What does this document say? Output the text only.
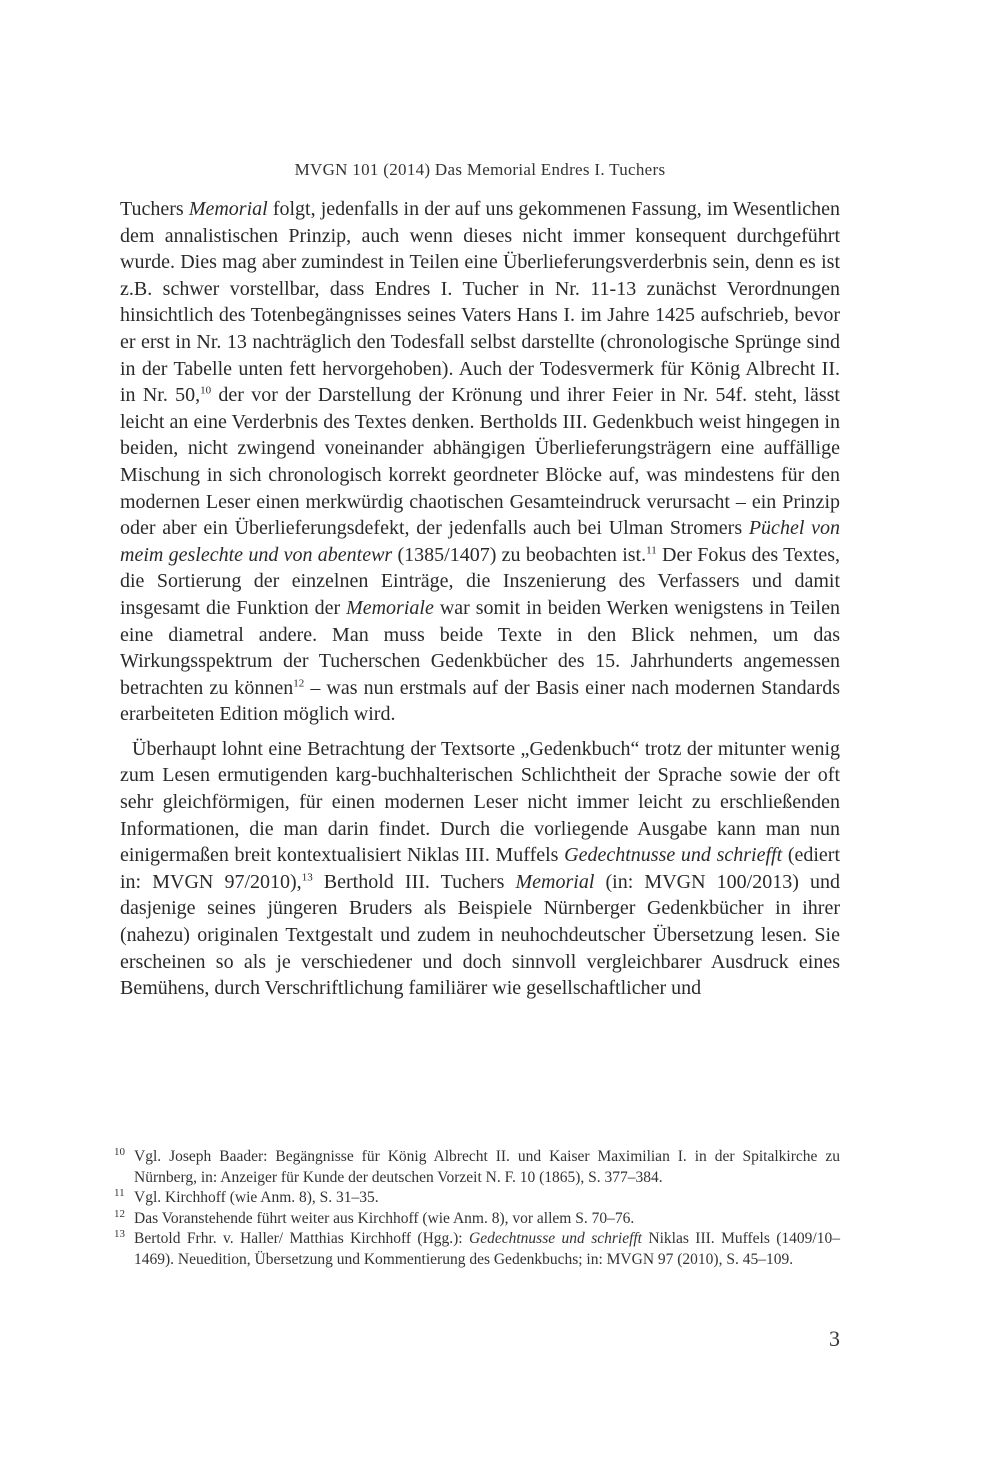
MVGN 101 (2014) Das Memorial Endres I. Tuchers

Tuchers Memorial folgt, jedenfalls in der auf uns gekommenen Fassung, im Wesentlichen dem annalistischen Prinzip, auch wenn dieses nicht immer konsequent durchgeführt wurde. Dies mag aber zumindest in Teilen eine Überlieferungsverderbnis sein, denn es ist z.B. schwer vorstellbar, dass Endres I. Tucher in Nr. 11-13 zunächst Verordnungen hinsichtlich des Totenbegängnisses seines Vaters Hans I. im Jahre 1425 aufschrieb, bevor er erst in Nr. 13 nachträglich den Todesfall selbst darstellte (chronologische Sprünge sind in der Tabelle unten fett hervorgehoben). Auch der Todesvermerk für König Albrecht II. in Nr. 50,10 der vor der Darstellung der Krönung und ihrer Feier in Nr. 54f. steht, lässt leicht an eine Verderbnis des Textes denken. Bertholds III. Gedenkbuch weist hingegen in beiden, nicht zwingend voneinander abhängigen Überlieferungsträgern eine auffällige Mischung in sich chronologisch korrekt geordneter Blöcke auf, was mindestens für den modernen Leser einen merkwürdig chaotischen Gesamteindruck verursacht – ein Prinzip oder aber ein Überlieferungsdefekt, der jedenfalls auch bei Ulman Stromers Püchel von meim geslechte und von abentewr (1385/1407) zu beobachten ist.$^{11}$ Der Fokus des Textes, die Sortierung der einzelnen Einträge, die Inszenierung des Verfassers und damit insgesamt die Funktion der Memoriale war somit in beiden Werken wenigstens in Teilen eine diametral andere. Man muss beide Texte in den Blick nehmen, um das Wirkungsspektrum der Tucherschen Gedenkbücher des 15. Jahrhunderts angemessen betrachten zu können$^{12}$ – was nun erstmals auf der Basis einer nach modernen Standards erarbeiteten Edition möglich wird.

Überhaupt lohnt eine Betrachtung der Textsorte „Gedenkbuch“ trotz der mitunter wenig zum Lesen ermutigenden karg-buchhalterischen Schlichtheit der Sprache sowie der oft sehr gleichförmigen, für einen modernen Leser nicht immer leicht zu erschließenden Informationen, die man darin findet. Durch die vorliegende Ausgabe kann man nun einigermaßen breit kontextualisiert Niklas III. Muffels Gedechtnusse und schriefft (ediert in: MVGN 97/2010),$^{13}$ Berthold III. Tuchers Memorial (in: MVGN 100/2013) und dasjenige seines jüngeren Bruders als Beispiele Nürnberger Gedenkbücher in ihrer (nahezu) originalen Textgestalt und zudem in neuhochdeutscher Übersetzung lesen. Sie erscheinen so als je verschiedener und doch sinnvoll vergleichbarer Ausdruck eines Bemühens, durch Verschriftlichung familiärer wie gesellschaftlicher und

10 Vgl. Joseph Baader: Begängnisse für König Albrecht II. und Kaiser Maximilian I. in der Spitalkirche zu Nürnberg, in: Anzeiger für Kunde der deutschen Vorzeit N. F. 10 (1865), S. 377–384.
11 Vgl. Kirchhoff (wie Anm. 8), S. 31–35.
12 Das Voranstehende führt weiter aus Kirchhoff (wie Anm. 8), vor allem S. 70–76.
13 Bertold Frhr. v. Haller/ Matthias Kirchhoff (Hgg.): Gedechtnusse und schriefft Niklas III. Muffels (1409/10–1469). Neuedition, Übersetzung und Kommentierung des Gedenkbuchs; in: MVGN 97 (2010), S. 45–109.
3
